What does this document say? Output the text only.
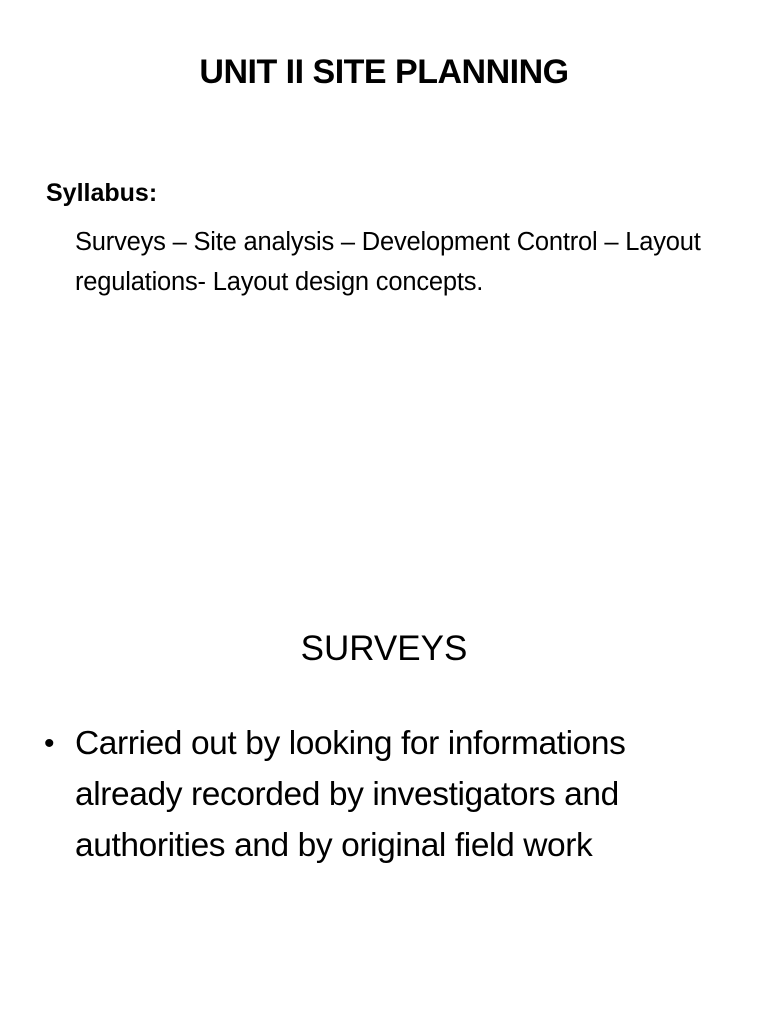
UNIT II SITE PLANNING
Syllabus:
Surveys – Site analysis – Development Control – Layout regulations- Layout design concepts.
SURVEYS
• Carried out by looking for informations already recorded by investigators and authorities and by original field work
